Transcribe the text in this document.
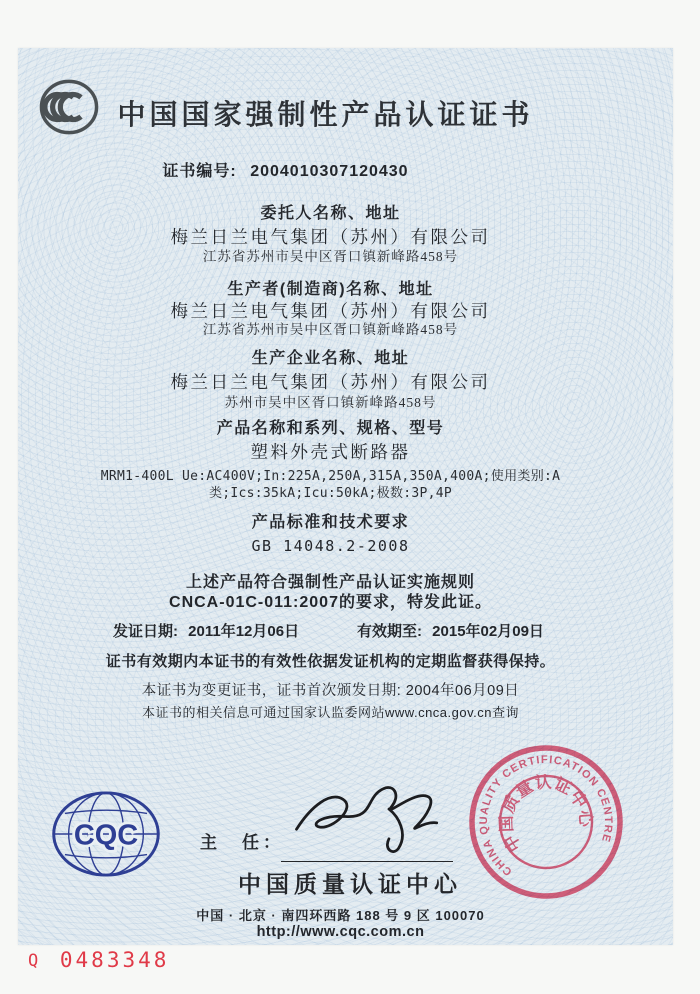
中国国家强制性产品认证证书
证书编号: 2004010307120430
委托人名称、地址
梅兰日兰电气集团（苏州）有限公司
江苏省苏州市吴中区胥口镇新峰路458号
生产者(制造商)名称、地址
梅兰日兰电气集团（苏州）有限公司
江苏省苏州市吴中区胥口镇新峰路458号
生产企业名称、地址
梅兰日兰电气集团（苏州）有限公司
苏州市吴中区胥口镇新峰路458号
产品名称和系列、规格、型号
塑料外壳式断路器
MRM1-400L Ue:AC400V;In:225A,250A,315A,350A,400A;使用类别:A
类;Ics:35kA;Icu:50kA;极数:3P,4P
产品标准和技术要求
GB 14048.2-2008
上述产品符合强制性产品认证实施规则
CNCA-01C-011:2007的要求，特发此证。
发证日期: 2011年12月06日	有效期至: 2015年02月09日
证书有效期内本证书的有效性依据发证机构的定期监督获得保持。
本证书为变更证书，证书首次颁发日期: 2004年06月09日
本证书的相关信息可通过国家认监委网站www.cnca.gov.cn查询
CQC	主　任：
中国质量认证中心
中国 · 北京 · 南四环西路 188 号 9 区 100070
http://www.cqc.com.cn
CHINA QUALITY CERTIFICATION CENTRE
中国质量认证中心
Q 0483348
